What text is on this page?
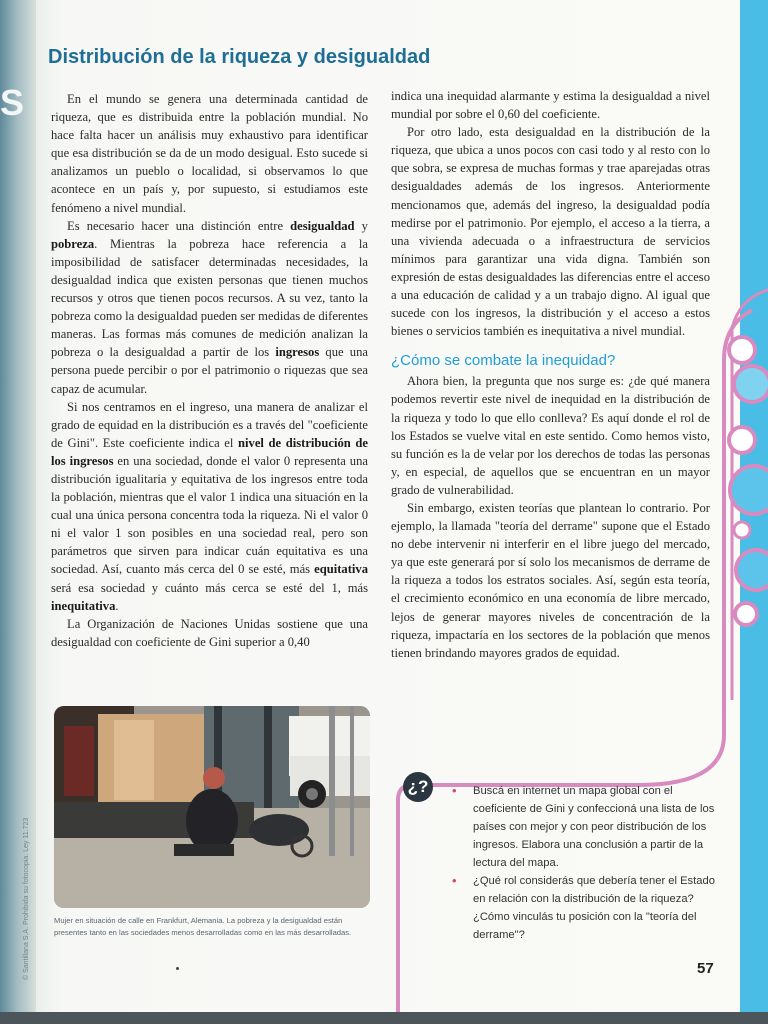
S
© Santillana S.A. Prohibida su fotocopia. Ley 11.723
Distribución de la riqueza y desigualdad

En el mundo se genera una determinada cantidad de riqueza, que es distribuida entre la población mundial. No hace falta hacer un análisis muy exhaustivo para identificar que esa distribución se da de un modo desigual. Esto sucede si analizamos un pueblo o localidad, si observamos lo que acontece en un país y, por supuesto, si estudiamos este fenómeno a nivel mundial.

Es necesario hacer una distinción entre desigualdad y pobreza. Mientras la pobreza hace referencia a la imposibilidad de satisfacer determinadas necesidades, la desigualdad indica que existen personas que tienen muchos recursos y otros que tienen pocos recursos. A su vez, tanto la pobreza como la desigualdad pueden ser medidas de diferentes maneras. Las formas más comunes de medición analizan la pobreza o la desigualdad a partir de los ingresos que una persona puede percibir o por el patrimonio o riquezas que sea capaz de acumular.

Si nos centramos en el ingreso, una manera de analizar el grado de equidad en la distribución es a través del "coeficiente de Gini". Este coeficiente indica el nivel de distribución de los ingresos en una sociedad, donde el valor 0 representa una distribución igualitaria y equitativa de los ingresos entre toda la población, mientras que el valor 1 indica una situación en la cual una única persona concentra toda la riqueza. Ni el valor 0 ni el valor 1 son posibles en una sociedad real, pero son parámetros que sirven para indicar cuán equitativa es una sociedad. Así, cuanto más cerca del 0 se esté, más equitativa será esa sociedad y cuánto más cerca se esté del 1, más inequitativa.

La Organización de Naciones Unidas sostiene que una desigualdad con coeficiente de Gini superior a 0,40

indica una inequidad alarmante y estima la desigualdad a nivel mundial por sobre el 0,60 del coeficiente.

Por otro lado, esta desigualdad en la distribución de la riqueza, que ubica a unos pocos con casi todo y al resto con lo que sobra, se expresa de muchas formas y trae aparejadas otras desigualdades además de los ingresos. Anteriormente mencionamos que, además del ingreso, la desigualdad podía medirse por el patrimonio. Por ejemplo, el acceso a la tierra, a una vivienda adecuada o a infraestructura de servicios mínimos para garantizar una vida digna. También son expresión de estas desigualdades las diferencias entre el acceso a una educación de calidad y a un trabajo digno. Al igual que sucede con los ingresos, la distribución y el acceso a estos bienes o servicios también es inequitativa a nivel mundial.

¿Cómo se combate la inequidad?

Ahora bien, la pregunta que nos surge es: ¿de qué manera podemos revertir este nivel de inequidad en la distribución de la riqueza y todo lo que ello conlleva? Es aquí donde el rol de los Estados se vuelve vital en este sentido. Como hemos visto, su función es la de velar por los derechos de todas las personas y, en especial, de aquellos que se encuentran en un mayor grado de vulnerabilidad.

Sin embargo, existen teorías que plantean lo contrario. Por ejemplo, la llamada "teoría del derrame" supone que el Estado no debe intervenir ni interferir en el libre juego del mercado, ya que este generará por sí solo los mecanismos de derrame de la riqueza a todos los estratos sociales. Así, según esta teoría, el crecimiento económico en una economía de libre mercado, lejos de generar mayores niveles de concentración de la riqueza, impactaría en los sectores de la población que menos tienen brindando mayores grados de equidad.

Mujer en situación de calle en Frankfurt, Alemania. La pobreza y la desigualdad están presentes tanto en las sociedades menos desarrolladas como en las más desarrolladas.

¿?	• Buscá en internet un mapa global con el coeficiente de Gini y confeccioná una lista de los países con mejor y con peor distribución de los ingresos. Elabora una conclusión a partir de la lectura del mapa.
• ¿Qué rol considerás que debería tener el Estado en relación con la distribución de la riqueza? ¿Cómo vinculás tu posición con la "teoría del derrame"?
57
